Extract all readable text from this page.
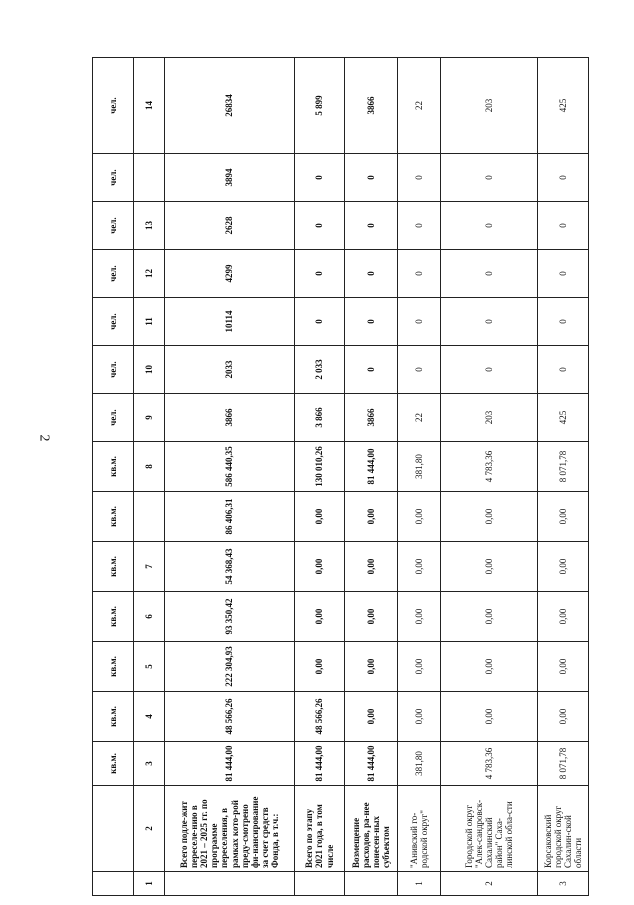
2
		кв.м.	кв.м.	кв.м.	кв.м.	кв.м.	кв.м.	кв.м.	чел.	чел.	чел.	чел.	чел.	чел.	чел.
1	2	3	4	5	6	7		8	9	10	11	12	13		14
	Всего подле-жит переселе-нию в 2021 – 2025 гг. по программе переселения, в рамках кото-рой преду-смотрено фи-нансирование за счет средств Фонда, в т.ч.:	81 444,00	48 566,26	222 304,93	93 350,42	54 368,43	86 406,31	586 440,35	3866	2033	10114	4299	2628	3894	26834
	Всего по этапу 2021 года, в том числе	81 444,00	48 566,26	0,00	0,00	0,00	0,00	130 010,26	3 866	2 033	0	0	0	0	5 899
	Возмещение расходов, ра-нее понесен-ных субъектом	81 444,00	0,00	0,00	0,00	0,00	0,00	81 444,00	3866	0	0	0	0	0	3866
1	"Анивский го-родской округ"	381,80	0,00	0,00	0,00	0,00	0,00	381,80	22	0	0	0	0	0	22
2	Городской округ "Алек-сандровск-Сахалинский район" Саха-линской обла-сти	4 783,36	0,00	0,00	0,00	0,00	0,00	4 783,36	203	0	0	0	0	0	203
3	Корсаковский городской округ Сахалин-ской области	8 071,78	0,00	0,00	0,00	0,00	0,00	8 071,78	425	0	0	0	0	0	425
